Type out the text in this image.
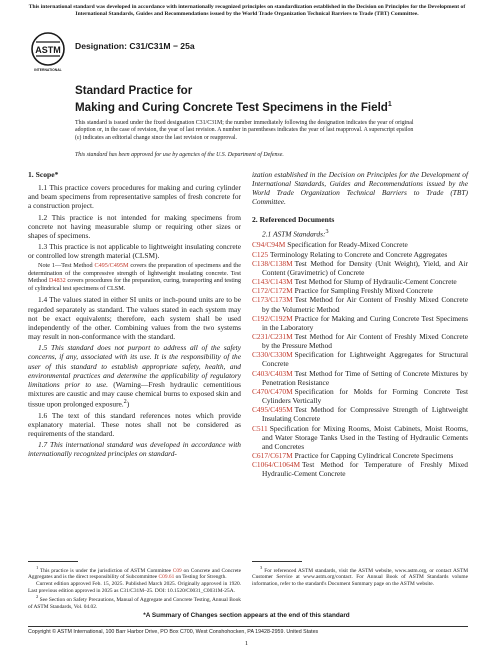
This international standard was developed in accordance with internationally recognized principles on standardization established in the Decision on Principles for the Development of International Standards, Guides and Recommendations issued by the World Trade Organization Technical Barriers to Trade (TBT) Committee.
ASTM
INTERNATIONAL
Designation: C31/C31M − 25a
Standard Practice for
Making and Curing Concrete Test Specimens in the Field$^1$
This standard is issued under the fixed designation C31/C31M; the number immediately following the designation indicates the year of original adoption or, in the case of revision, the year of last revision. A number in parentheses indicates the year of last reapproval. A superscript epsilon (ε) indicates an editorial change since the last revision or reapproval.
This standard has been approved for use by agencies of the U.S. Department of Defense.
1. Scope*

1.1 This practice covers procedures for making and curing cylinder and beam specimens from representative samples of fresh concrete for a construction project.

1.2 This practice is not intended for making specimens from concrete not having measurable slump or requiring other sizes or shapes of specimens.

1.3 This practice is not applicable to lightweight insulating concrete or controlled low strength material (CLSM).

Note 1—Test Method C495/C495M covers the preparation of specimens and the determination of the compressive strength of lightweight insulating concrete. Test Method D4832 covers procedures for the preparation, curing, transporting and testing of cylindrical test specimens of CLSM.

1.4 The values stated in either SI units or inch-pound units are to be regarded separately as standard. The values stated in each system may not be exact equivalents; therefore, each system shall be used independently of the other. Combining values from the two systems may result in non-conformance with the standard.

1.5 This standard does not purport to address all of the safety concerns, if any, associated with its use. It is the responsibility of the user of this standard to establish appropriate safety, health, and environmental practices and determine the applicability of regulatory limitations prior to use. (Warning—Fresh hydraulic cementitious mixtures are caustic and may cause chemical burns to exposed skin and tissue upon prolonged exposure.$^2$)

1.6 The text of this standard references notes which provide explanatory material. These notes shall not be considered as requirements of the standard.

1.7 This international standard was developed in accordance with internationally recognized principles on standard-

ization established in the Decision on Principles for the Development of International Standards, Guides and Recommendations issued by the World Trade Organization Technical Barriers to Trade (TBT) Committee.

2. Referenced Documents

2.1 ASTM Standards:$^3$

C94/C94M Specification for Ready-Mixed Concrete

C125 Terminology Relating to Concrete and Concrete Aggregates

C138/C138M Test Method for Density (Unit Weight), Yield, and Air Content (Gravimetric) of Concrete

C143/C143M Test Method for Slump of Hydraulic-Cement Concrete

C172/C172M Practice for Sampling Freshly Mixed Concrete

C173/C173M Test Method for Air Content of Freshly Mixed Concrete by the Volumetric Method

C192/C192M Practice for Making and Curing Concrete Test Specimens in the Laboratory

C231/C231M Test Method for Air Content of Freshly Mixed Concrete by the Pressure Method

C330/C330M Specification for Lightweight Aggregates for Structural Concrete

C403/C403M Test Method for Time of Setting of Concrete Mixtures by Penetration Resistance

C470/C470M Specification for Molds for Forming Concrete Test Cylinders Vertically

C495/C495M Test Method for Compressive Strength of Lightweight Insulating Concrete

C511 Specification for Mixing Rooms, Moist Cabinets, Moist Rooms, and Water Storage Tanks Used in the Testing of Hydraulic Cements and Concretes

C617/C617M Practice for Capping Cylindrical Concrete Specimens

C1064/C1064M Test Method for Temperature of Freshly Mixed Hydraulic-Cement Concrete

$^1$ This practice is under the jurisdiction of ASTM Committee C09 on Concrete and Concrete Aggregates and is the direct responsibility of Subcommittee C09.61 on Testing for Strength.

Current edition approved Feb. 15, 2025. Published March 2025. Originally approved in 1920. Last previous edition approved in 2025 as C31/C31M–25. DOI: 10.1520/C0031_C0031M-25A.

$^2$ See Section on Safety Precautions, Manual of Aggregate and Concrete Testing, Annual Book of ASTM Standards, Vol. 04.02.

$^3$ For referenced ASTM standards, visit the ASTM website, www.astm.org, or contact ASTM Customer Service at www.astm.org/contact. For Annual Book of ASTM Standards volume information, refer to the standard's Document Summary page on the ASTM website.

*A Summary of Changes section appears at the end of this standard
Copyright © ASTM International, 100 Barr Harbor Drive, PO Box C700, West Conshohocken, PA 19428-2959. United States
1
